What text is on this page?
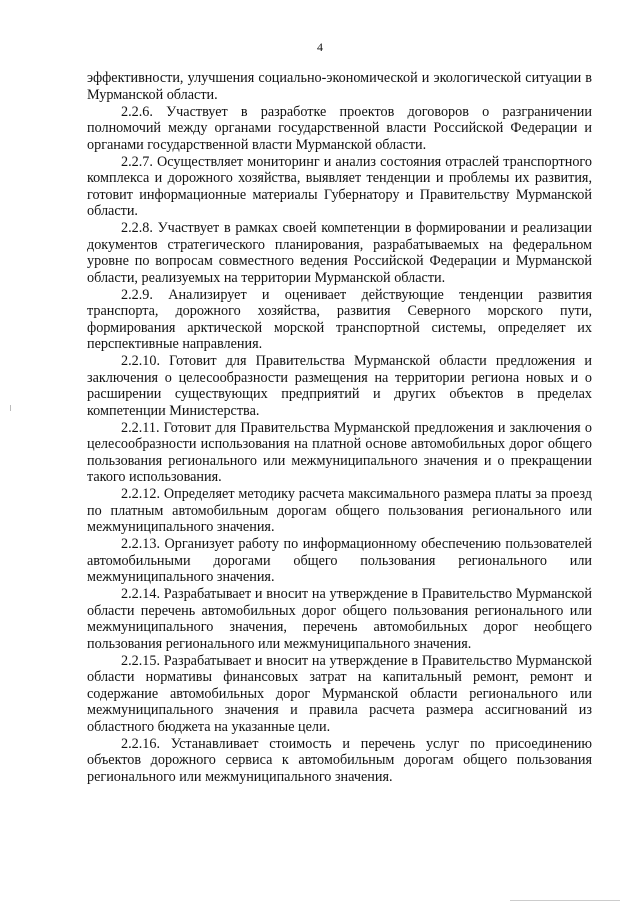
4

эффективности, улучшения социально-экономической и экологической ситуации в Мурманской области.

2.2.6. Участвует в разработке проектов договоров о разграничении полномочий между органами государственной власти Российской Федерации и органами государственной власти Мурманской области.

2.2.7. Осуществляет мониторинг и анализ состояния отраслей транспортного комплекса и дорожного хозяйства, выявляет тенденции и проблемы их развития, готовит информационные материалы Губернатору и Правительству Мурманской области.

2.2.8. Участвует в рамках своей компетенции в формировании и реализации документов стратегического планирования, разрабатываемых на федеральном уровне по вопросам совместного ведения Российской Федерации и Мурманской области, реализуемых на территории Мурманской области.

2.2.9. Анализирует и оценивает действующие тенденции развития транспорта, дорожного хозяйства, развития Северного морского пути, формирования арктической морской транспортной системы, определяет их перспективные направления.

2.2.10. Готовит для Правительства Мурманской области предложения и заключения о целесообразности размещения на территории региона новых и о расширении существующих предприятий и других объектов в пределах компетенции Министерства.

2.2.11. Готовит для Правительства Мурманской предложения и заключения о целесообразности использования на платной основе автомобильных дорог общего пользования регионального или межмуниципального значения и о прекращении такого использования.

2.2.12. Определяет методику расчета максимального размера платы за проезд по платным автомобильным дорогам общего пользования регионального или межмуниципального значения.

2.2.13. Организует работу по информационному обеспечению пользователей автомобильными дорогами общего пользования регионального или межмуниципального значения.

2.2.14. Разрабатывает и вносит на утверждение в Правительство Мурманской области перечень автомобильных дорог общего пользования регионального или межмуниципального значения, перечень автомобильных дорог необщего пользования регионального или межмуниципального значения.

2.2.15. Разрабатывает и вносит на утверждение в Правительство Мурманской области нормативы финансовых затрат на капитальный ремонт, ремонт и содержание автомобильных дорог Мурманской области регионального или межмуниципального значения и правила расчета размера ассигнований из областного бюджета на указанные цели.

2.2.16. Устанавливает стоимость и перечень услуг по присоединению объектов дорожного сервиса к автомобильным дорогам общего пользования регионального или межмуниципального значения.
